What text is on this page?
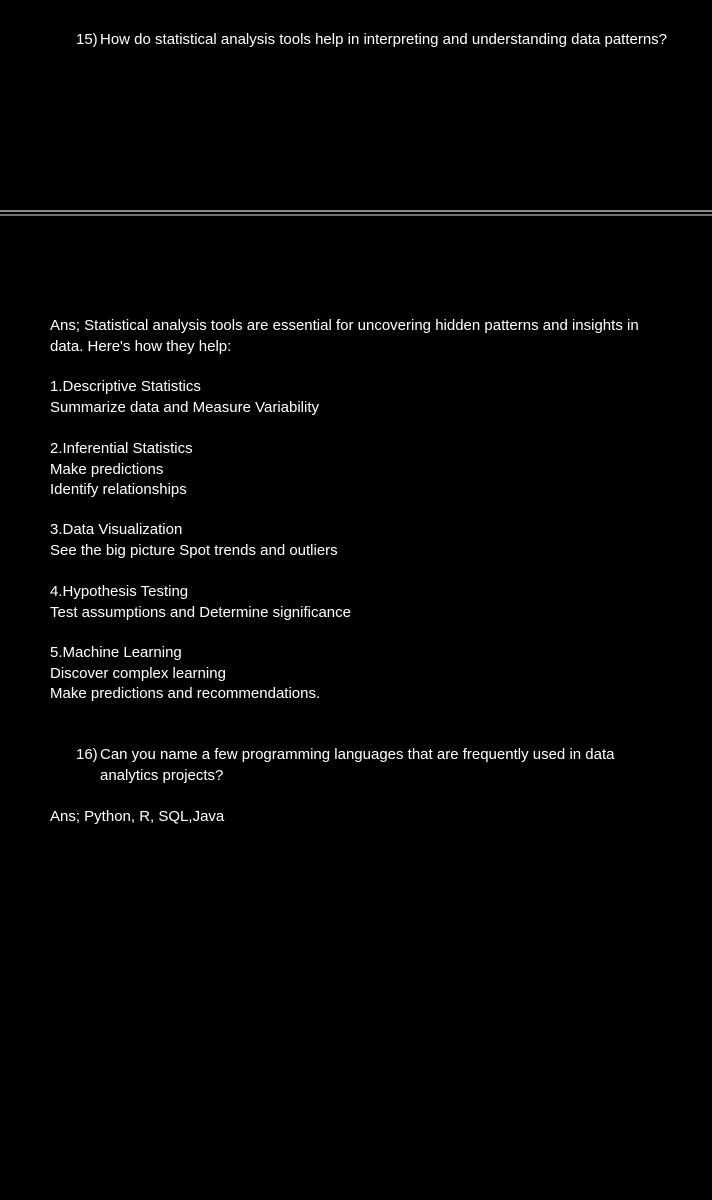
15) How do statistical analysis tools help in interpreting and understanding data patterns?
Ans; Statistical analysis tools are essential for uncovering hidden patterns and insights in data. Here's how they help:
1.Descriptive Statistics
Summarize data and Measure Variability
2.Inferential Statistics
Make predictions
Identify relationships
3.Data Visualization
See the big picture Spot trends and outliers
4.Hypothesis Testing
Test assumptions and Determine significance
5.Machine Learning
Discover complex learning
Make predictions and recommendations.
16) Can you name a few programming languages that are frequently used in data analytics projects?
Ans; Python, R, SQL,Java
